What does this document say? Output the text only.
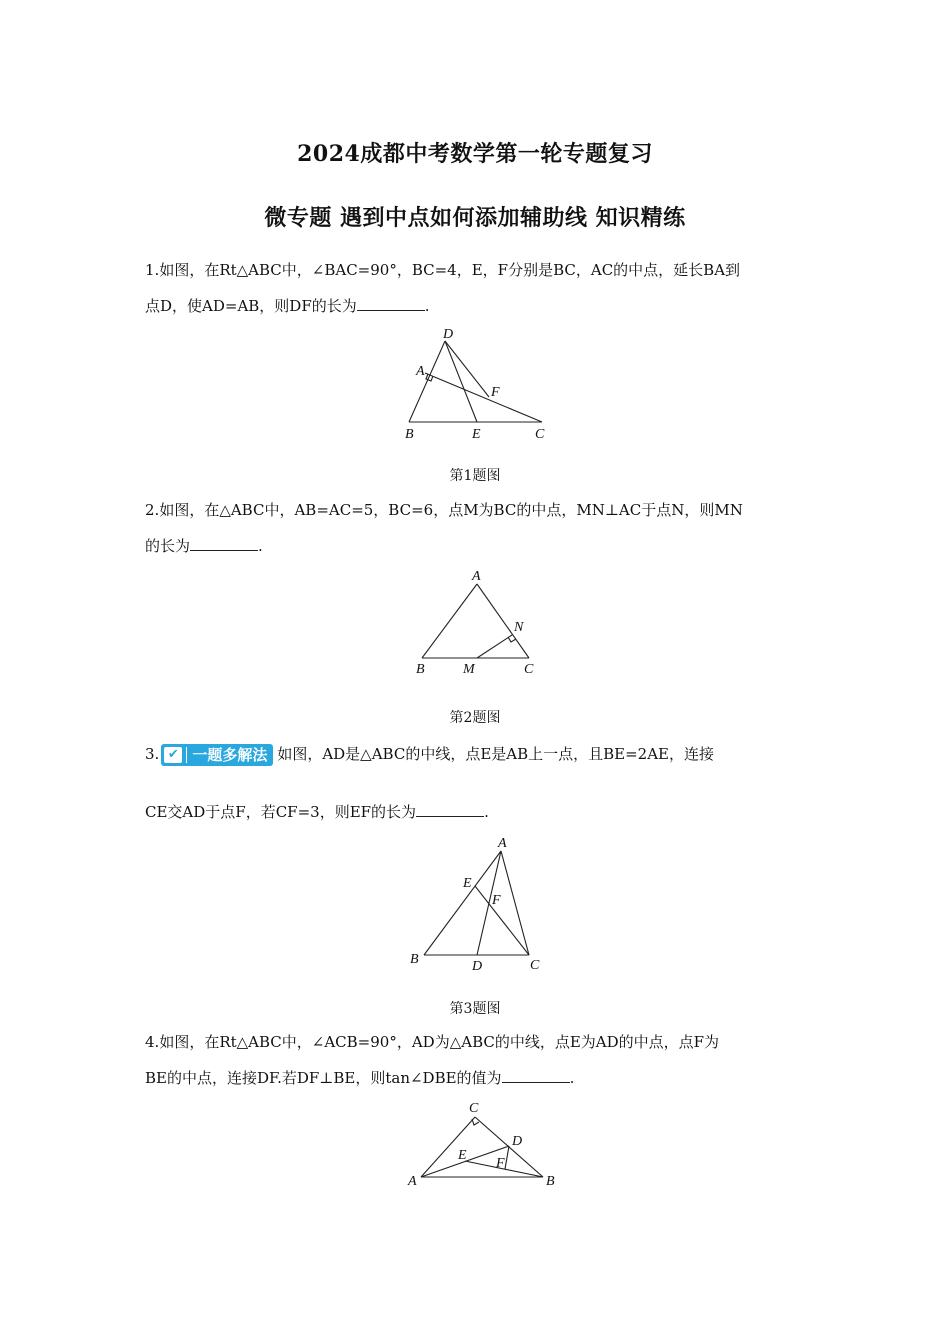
2024成都中考数学第一轮专题复习
微专题 遇到中点如何添加辅助线 知识精练
1.如图，在Rt△ABC中，∠BAC=90°，BC=4，E，F分别是BC，AC的中点，延长BA到
点D，使AD=AB，则DF的长为	.
D
A
F
B	E	C
第1题图
2.如图，在△ABC中，AB=AC=5，BC=6，点M为BC的中点，MN⊥AC于点N，则MN
的长为	.
A
N
B	M	C
第2题图
3. ✔ 一题多解法 如图，AD是△ABC的中线，点E是AB上一点，且BE=2AE，连接
CE交AD于点F，若CF=3，则EF的长为	.
A
E
F
B	D	C
第3题图
4.如图，在Rt△ABC中，∠ACB=90°，AD为△ABC的中线，点E为AD的中点，点F为
BE的中点，连接DF.若DF⊥BE，则tan∠DBE的值为	.
C
D
E
F
A	B
